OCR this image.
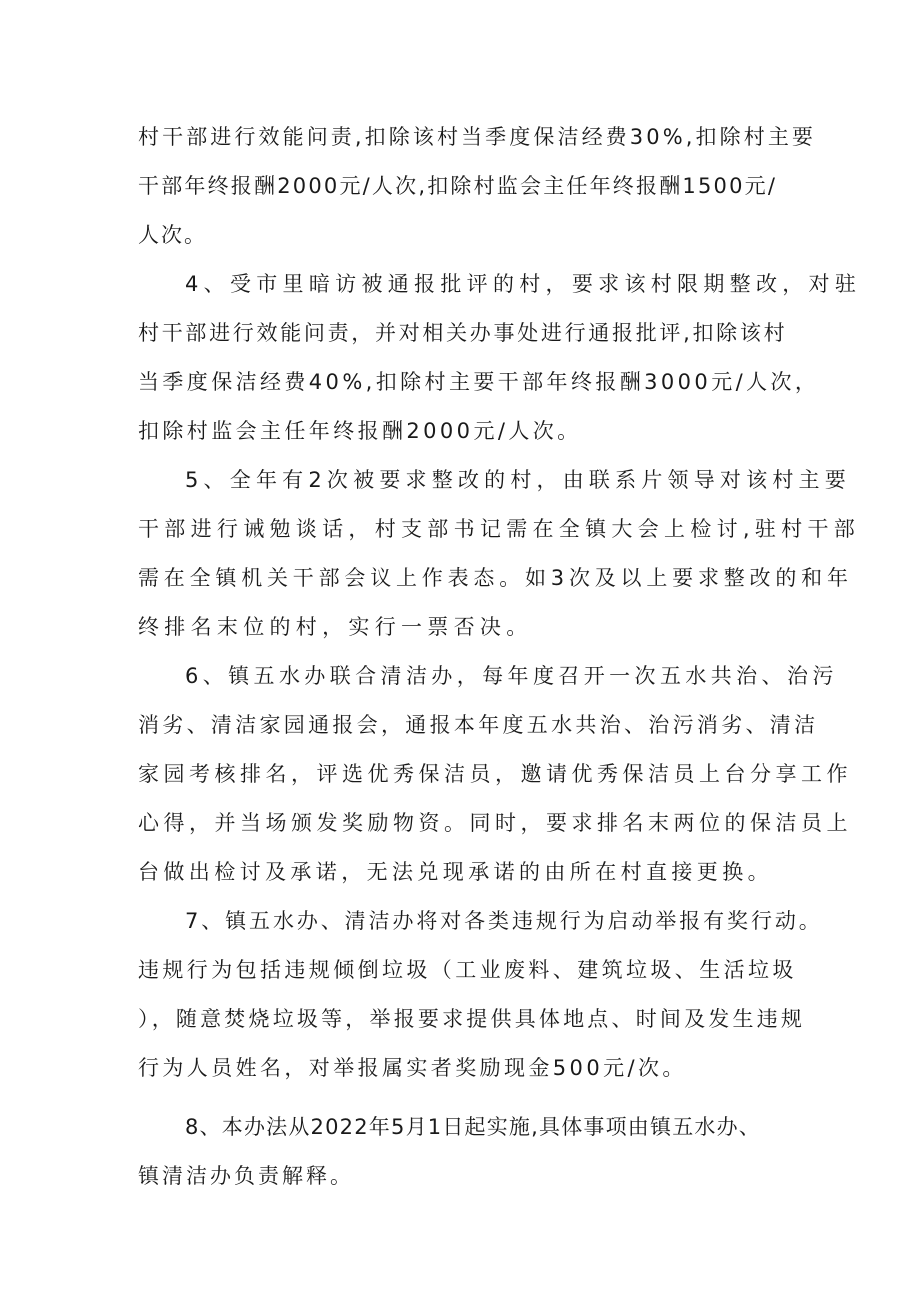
村干部进行效能问责,扣除该村当季度保洁经费30%,扣除村主要

干部年终报酬2000元/人次,扣除村监会主任年终报酬1500元/

人次。

4、受市里暗访被通报批评的村，要求该村限期整改，对驻

村干部进行效能问责，并对相关办事处进行通报批评,扣除该村

当季度保洁经费40%,扣除村主要干部年终报酬3000元/人次，

扣除村监会主任年终报酬2000元/人次。

5、全年有2次被要求整改的村，由联系片领导对该村主要

干部进行诫勉谈话，村支部书记需在全镇大会上检讨,驻村干部

需在全镇机关干部会议上作表态。如3次及以上要求整改的和年

终排名末位的村，实行一票否决。

6、镇五水办联合清洁办，每年度召开一次五水共治、治污

消劣、清洁家园通报会，通报本年度五水共治、治污消劣、清洁

家园考核排名，评选优秀保洁员，邀请优秀保洁员上台分享工作

心得，并当场颁发奖励物资。同时，要求排名末两位的保洁员上

台做出检讨及承诺，无法兑现承诺的由所在村直接更换。

7、镇五水办、清洁办将对各类违规行为启动举报有奖行动。

违规行为包括违规倾倒垃圾（工业废料、建筑垃圾、生活垃圾

），随意焚烧垃圾等，举报要求提供具体地点、时间及发生违规

行为人员姓名，对举报属实者奖励现金500元/次。

8、本办法从2022年5月1日起实施,具体事项由镇五水办、

镇清洁办负责解释。
